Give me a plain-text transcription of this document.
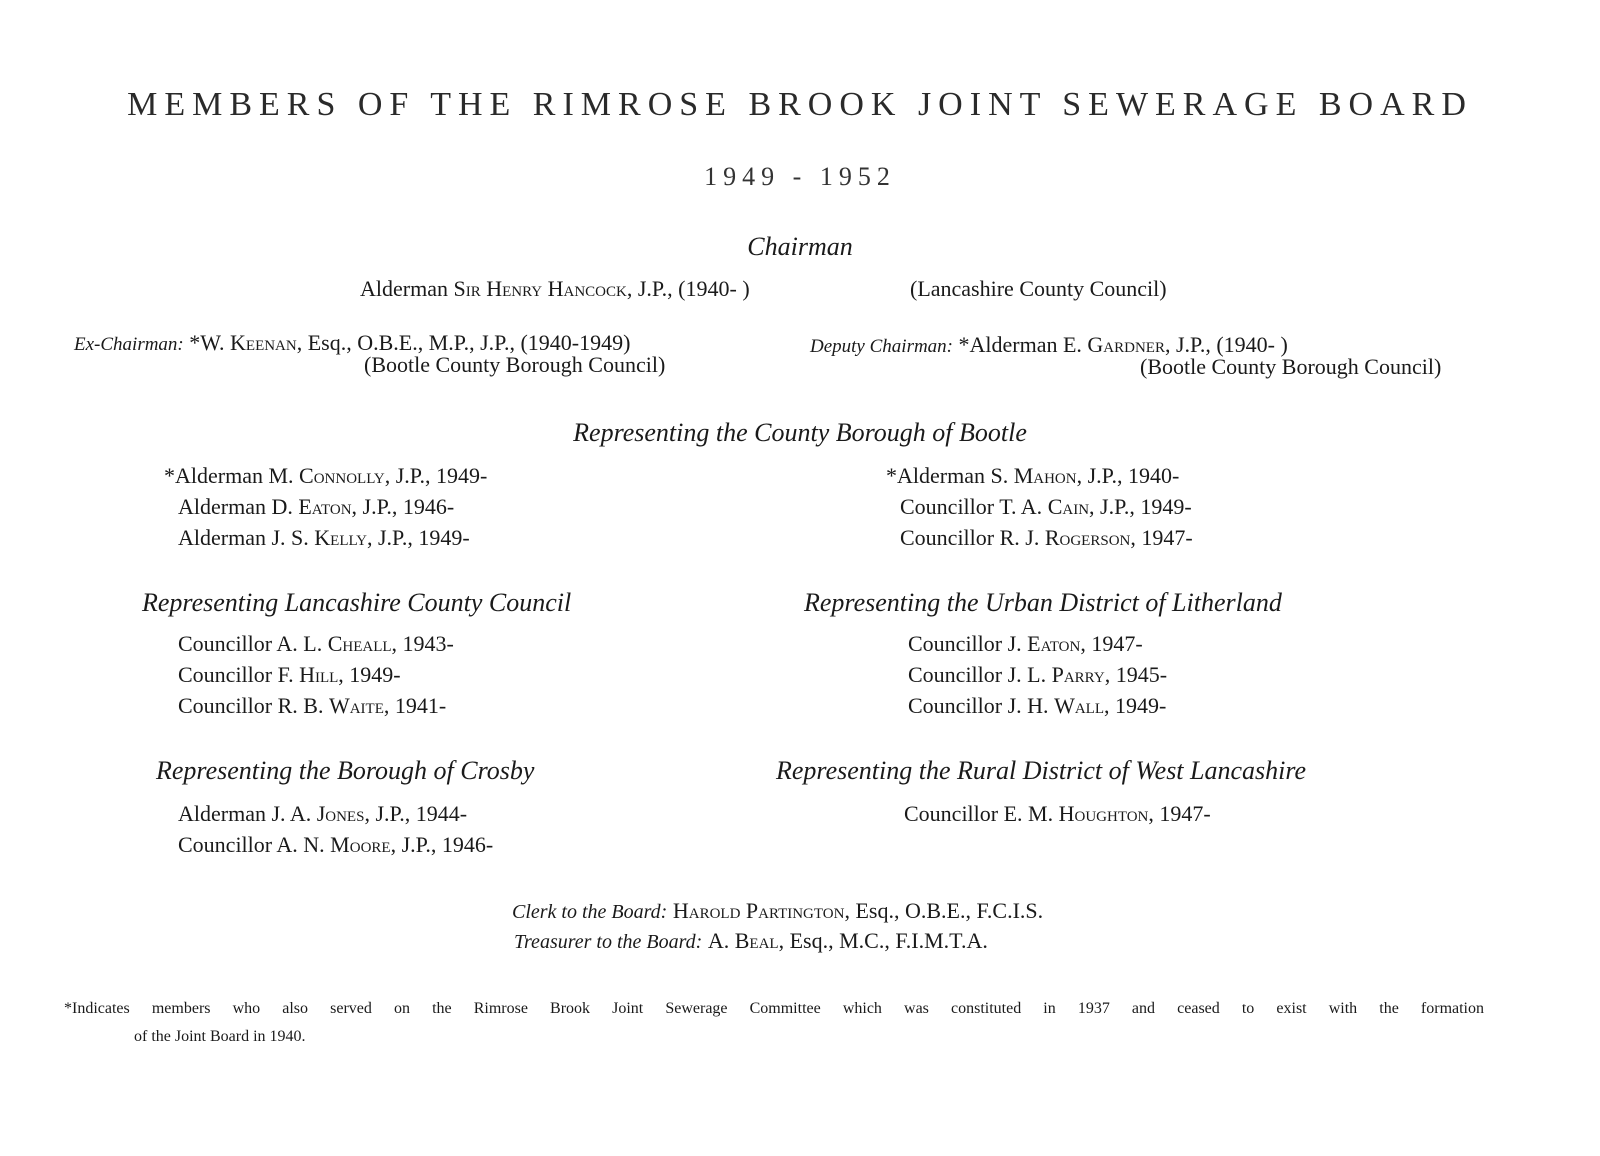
MEMBERS OF THE RIMROSE BROOK JOINT SEWERAGE BOARD
1949 - 1952
Chairman
Alderman Sir Henry Hancock, J.P., (1940- )	(Lancashire County Council)
Ex-Chairman: *W. Keenan, Esq., O.B.E., M.P., J.P., (1940-1949)
(Bootle County Borough Council)
Deputy Chairman: *Alderman E. Gardner, J.P., (1940- )
(Bootle County Borough Council)
Representing the County Borough of Bootle
*Alderman M. Connolly, J.P., 1949-
Alderman D. Eaton, J.P., 1946-
Alderman J. S. Kelly, J.P., 1949-
*Alderman S. Mahon, J.P., 1940-
Councillor T. A. Cain, J.P., 1949-
Councillor R. J. Rogerson, 1947-
Representing Lancashire County Council
Councillor A. L. Cheall, 1943-
Councillor F. Hill, 1949-
Councillor R. B. Waite, 1941-
Representing the Urban District of Litherland
Councillor J. Eaton, 1947-
Councillor J. L. Parry, 1945-
Councillor J. H. Wall, 1949-
Representing the Borough of Crosby
Alderman J. A. Jones, J.P., 1944-
Councillor A. N. Moore, J.P., 1946-
Representing the Rural District of West Lancashire
Councillor E. M. Houghton, 1947-
Clerk to the Board: Harold Partington, Esq., O.B.E., F.C.I.S.
Treasurer to the Board: A. Beal, Esq., M.C., F.I.M.T.A.
*Indicates members who also served on the Rimrose Brook Joint Sewerage Committee which was constituted in 1937 and ceased to exist with the formation
of the Joint Board in 1940.
